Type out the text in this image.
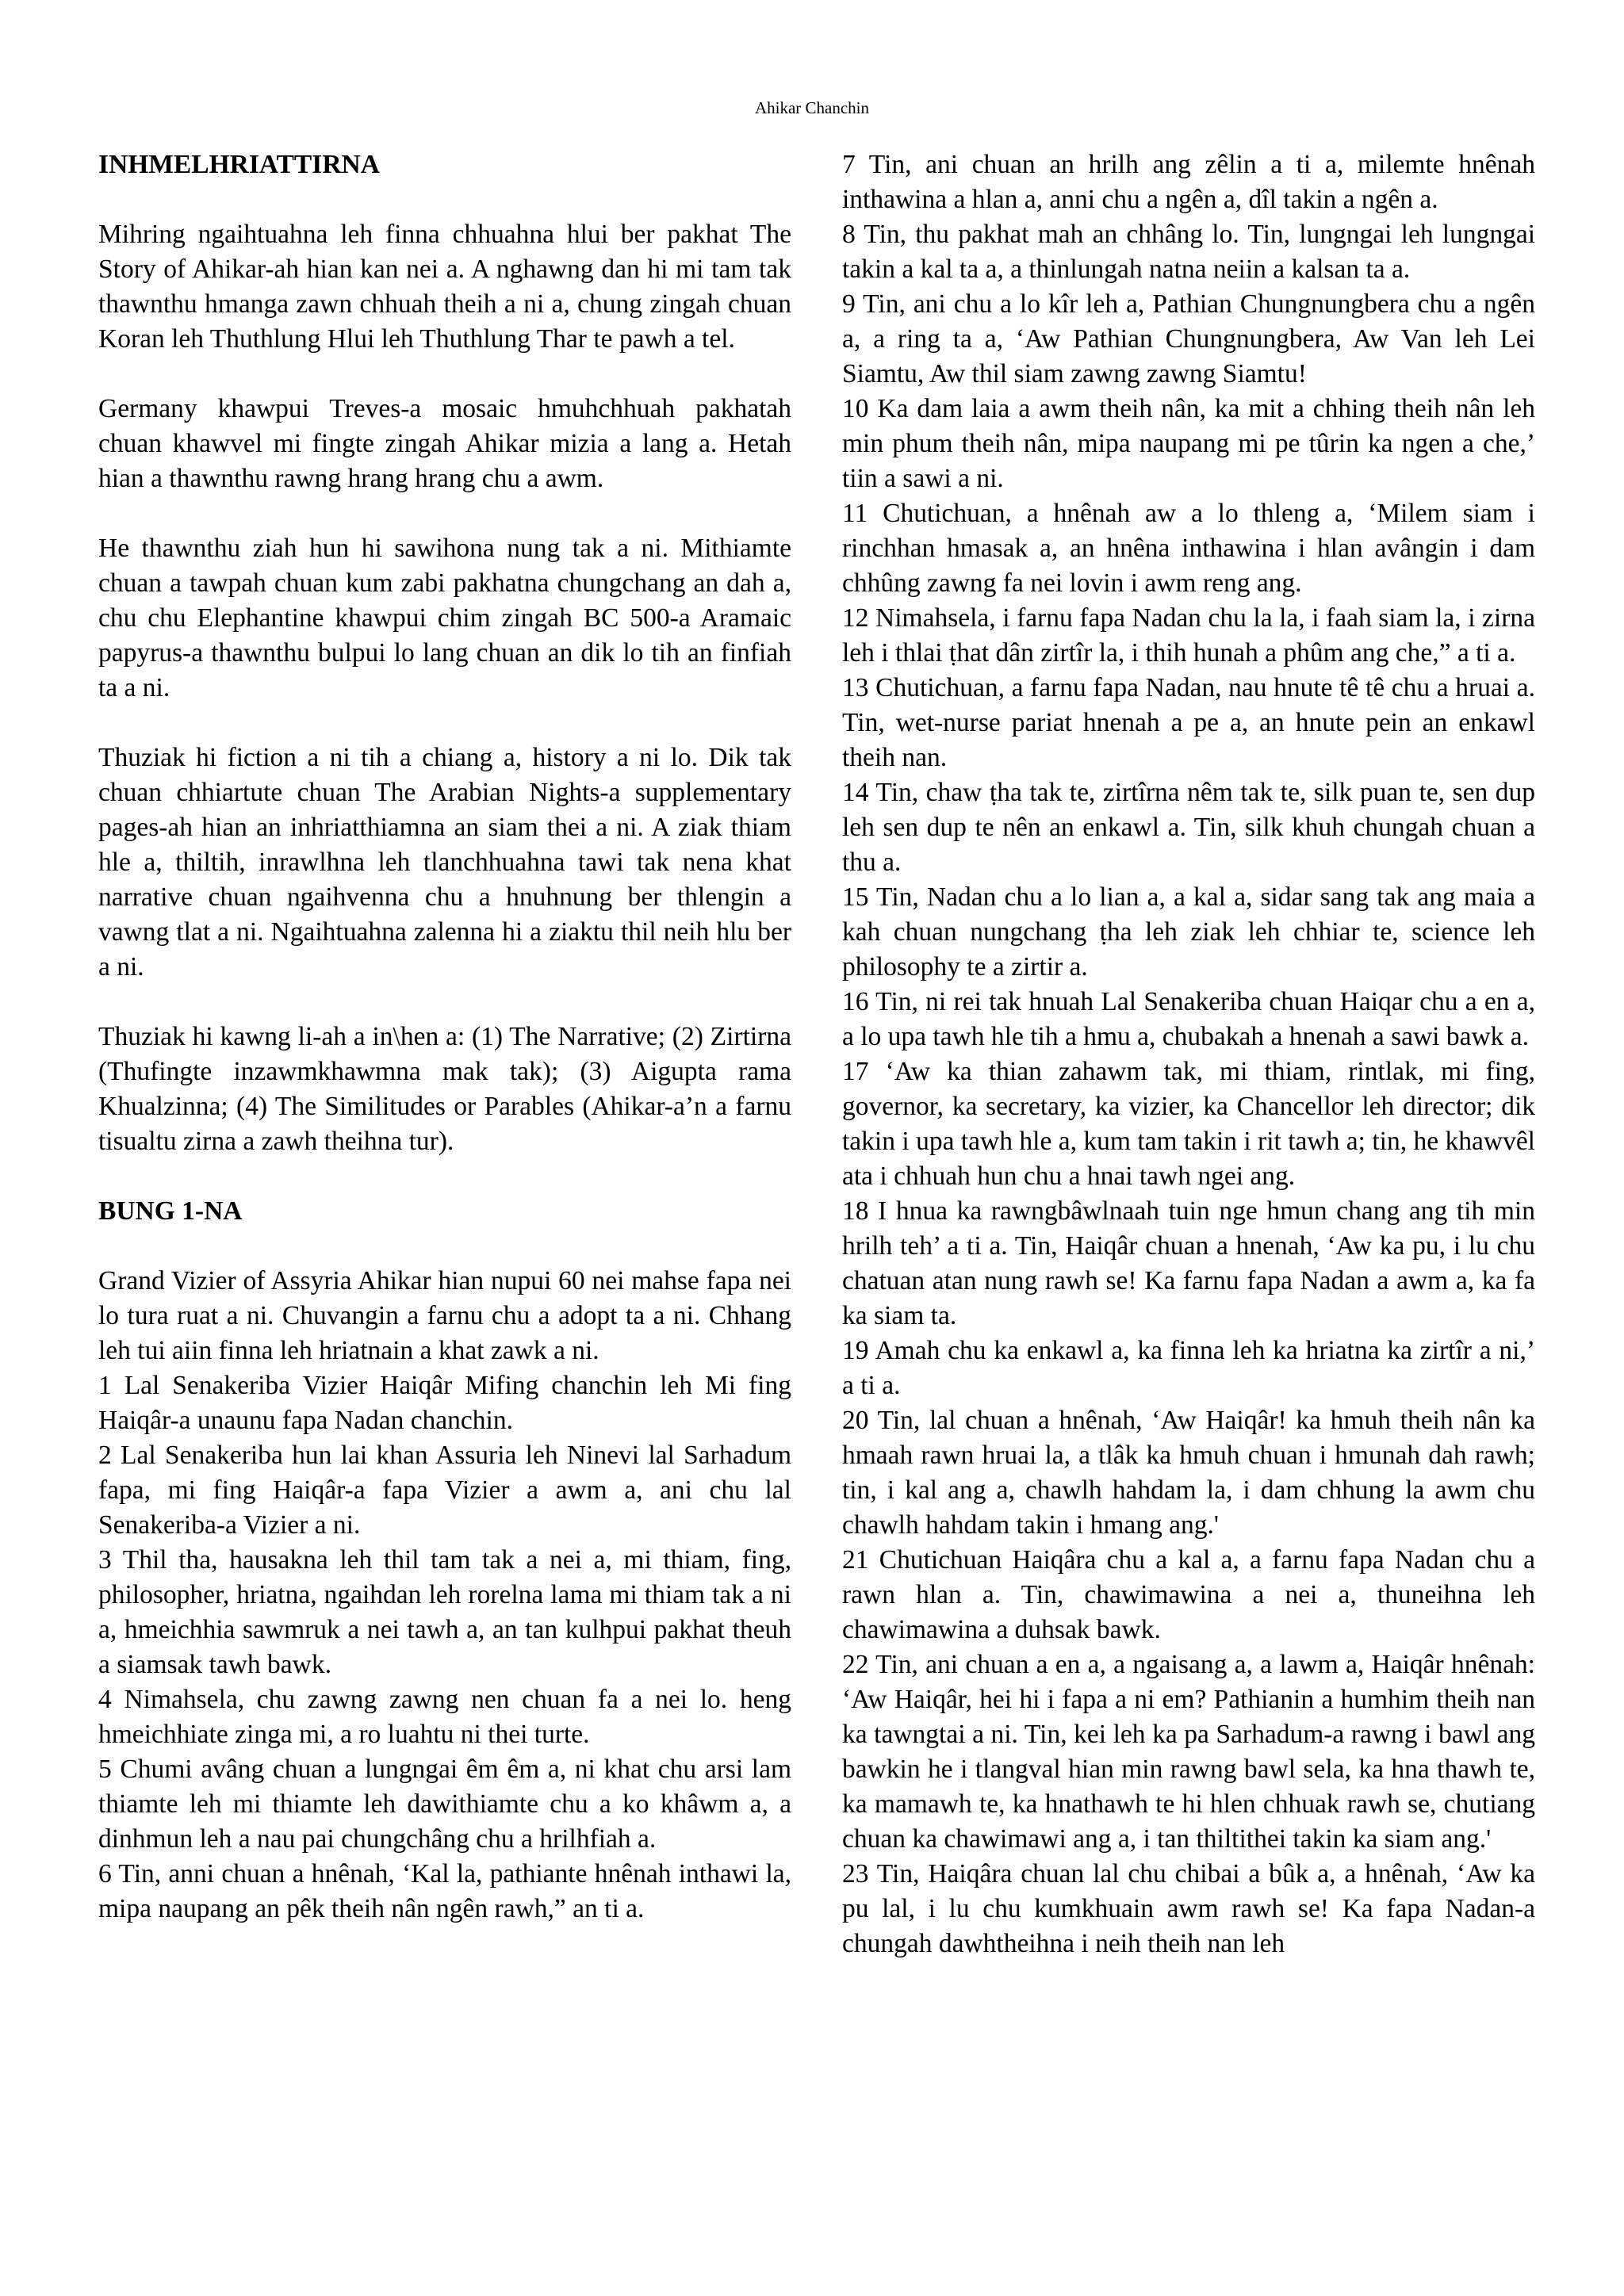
Ahikar Chanchin
INHMELHRIATTIRNA

Mihring ngaihtuahna leh finna chhuahna hlui ber pakhat The Story of Ahikar-ah hian kan nei a. A nghawng dan hi mi tam tak thawnthu hmanga zawn chhuah theih a ni a, chung zingah chuan Koran leh Thuthlung Hlui leh Thuthlung Thar te pawh a tel.

Germany khawpui Treves-a mosaic hmuhchhuah pakhatah chuan khawvel mi fingte zingah Ahikar mizia a lang a. Hetah hian a thawnthu rawng hrang hrang chu a awm.

He thawnthu ziah hun hi sawihona nung tak a ni. Mithiamte chuan a tawpah chuan kum zabi pakhatna chungchang an dah a, chu chu Elephantine khawpui chim zingah BC 500-a Aramaic papyrus-a thawnthu bulpui lo lang chuan an dik lo tih an finfiah ta a ni.

Thuziak hi fiction a ni tih a chiang a, history a ni lo. Dik tak chuan chhiartute chuan The Arabian Nights-a supplementary pages-ah hian an inhriatthiamna an siam thei a ni. A ziak thiam hle a, thiltih, inrawlhna leh tlanchhuahna tawi tak nena khat narrative chuan ngaihvenna chu a hnuhnung ber thlengin a vawng tlat a ni. Ngaihtuahna zalenna hi a ziaktu thil neih hlu ber a ni.

Thuziak hi kawng li-ah a in\hen a: (1) The Narrative; (2) Zirtirna (Thufingte inzawmkhawmna mak tak); (3) Aigupta rama Khualzinna; (4) The Similitudes or Parables (Ahikar-a’n a farnu tisualtu zirna a zawh theihna tur).

BUNG 1-NA

Grand Vizier of Assyria Ahikar hian nupui 60 nei mahse fapa nei lo tura ruat a ni. Chuvangin a farnu chu a adopt ta a ni. Chhang leh tui aiin finna leh hriatnain a khat zawk a ni.

1 Lal Senakeriba Vizier Haiqâr Mifing chanchin leh Mi fing Haiqâr-a unaunu fapa Nadan chanchin.

2 Lal Senakeriba hun lai khan Assuria leh Ninevi lal Sarhadum fapa, mi fing Haiqâr-a fapa Vizier a awm a, ani chu lal Senakeriba-a Vizier a ni.

3 Thil tha, hausakna leh thil tam tak a nei a, mi thiam, fing, philosopher, hriatna, ngaihdan leh rorelna lama mi thiam tak a ni a, hmeichhia sawmruk a nei tawh a, an tan kulhpui pakhat theuh a siamsak tawh bawk.

4 Nimahsela, chu zawng zawng nen chuan fa a nei lo. heng hmeichhiate zinga mi, a ro luahtu ni thei turte.

5 Chumi avâng chuan a lungngai êm êm a, ni khat chu arsi lam thiamte leh mi thiamte leh dawithiamte chu a ko khâwm a, a dinhmun leh a nau pai chungchâng chu a hrilhfiah a.

6 Tin, anni chuan a hnênah, ‘Kal la, pathiante hnênah inthawi la, mipa naupang an pêk theih nân ngên rawh,” an ti a.

7 Tin, ani chuan an hrilh ang zêlin a ti a, milemte hnênah inthawina a hlan a, anni chu a ngên a, dîl takin a ngên a.

8 Tin, thu pakhat mah an chhâng lo. Tin, lungngai leh lungngai takin a kal ta a, a thinlungah natna neiin a kalsan ta a.

9 Tin, ani chu a lo kîr leh a, Pathian Chungnungbera chu a ngên a, a ring ta a, ‘Aw Pathian Chungnungbera, Aw Van leh Lei Siamtu, Aw thil siam zawng zawng Siamtu!

10 Ka dam laia a awm theih nân, ka mit a chhing theih nân leh min phum theih nân, mipa naupang mi pe tûrin ka ngen a che,’ tiin a sawi a ni.

11 Chutichuan, a hnênah aw a lo thleng a, ‘Milem siam i rinchhan hmasak a, an hnêna inthawina i hlan avângin i dam chhûng zawng fa nei lovin i awm reng ang.

12 Nimahsela, i farnu fapa Nadan chu la la, i faah siam la, i zirna leh i thlai ṭhat dân zirtîr la, i thih hunah a phûm ang che,” a ti a.

13 Chutichuan, a farnu fapa Nadan, nau hnute tê tê chu a hruai a. Tin, wet-nurse pariat hnenah a pe a, an hnute pein an enkawl theih nan.

14 Tin, chaw ṭha tak te, zirtîrna nêm tak te, silk puan te, sen dup leh sen dup te nên an enkawl a. Tin, silk khuh chungah chuan a thu a.

15 Tin, Nadan chu a lo lian a, a kal a, sidar sang tak ang maia a kah chuan nungchang ṭha leh ziak leh chhiar te, science leh philosophy te a zirtir a.

16 Tin, ni rei tak hnuah Lal Senakeriba chuan Haiqar chu a en a, a lo upa tawh hle tih a hmu a, chubakah a hnenah a sawi bawk a.

17 ‘Aw ka thian zahawm tak, mi thiam, rintlak, mi fing, governor, ka secretary, ka vizier, ka Chancellor leh director; dik takin i upa tawh hle a, kum tam takin i rit tawh a; tin, he khawvêl ata i chhuah hun chu a hnai tawh ngei ang.

18 I hnua ka rawngbâwlnaah tuin nge hmun chang ang tih min hrilh teh’ a ti a. Tin, Haiqâr chuan a hnenah, ‘Aw ka pu, i lu chu chatuan atan nung rawh se! Ka farnu fapa Nadan a awm a, ka fa ka siam ta.

19 Amah chu ka enkawl a, ka finna leh ka hriatna ka zirtîr a ni,’ a ti a.

20 Tin, lal chuan a hnênah, ‘Aw Haiqâr! ka hmuh theih nân ka hmaah rawn hruai la, a tlâk ka hmuh chuan i hmunah dah rawh; tin, i kal ang a, chawlh hahdam la, i dam chhung la awm chu chawlh hahdam takin i hmang ang.'

21 Chutichuan Haiqâra chu a kal a, a farnu fapa Nadan chu a rawn hlan a. Tin, chawimawina a nei a, thuneihna leh chawimawina a duhsak bawk.

22 Tin, ani chuan a en a, a ngaisang a, a lawm a, Haiqâr hnênah: ‘Aw Haiqâr, hei hi i fapa a ni em? Pathianin a humhim theih nan ka tawngtai a ni. Tin, kei leh ka pa Sarhadum-a rawng i bawl ang bawkin he i tlangval hian min rawng bawl sela, ka hna thawh te, ka mamawh te, ka hnathawh te hi hlen chhuak rawh se, chutiang chuan ka chawimawi ang a, i tan thiltithei takin ka siam ang.'

23 Tin, Haiqâra chuan lal chu chibai a bûk a, a hnênah, ‘Aw ka pu lal, i lu chu kumkhuain awm rawh se! Ka fapa Nadan-a chungah dawhtheihna i neih theih nan leh
